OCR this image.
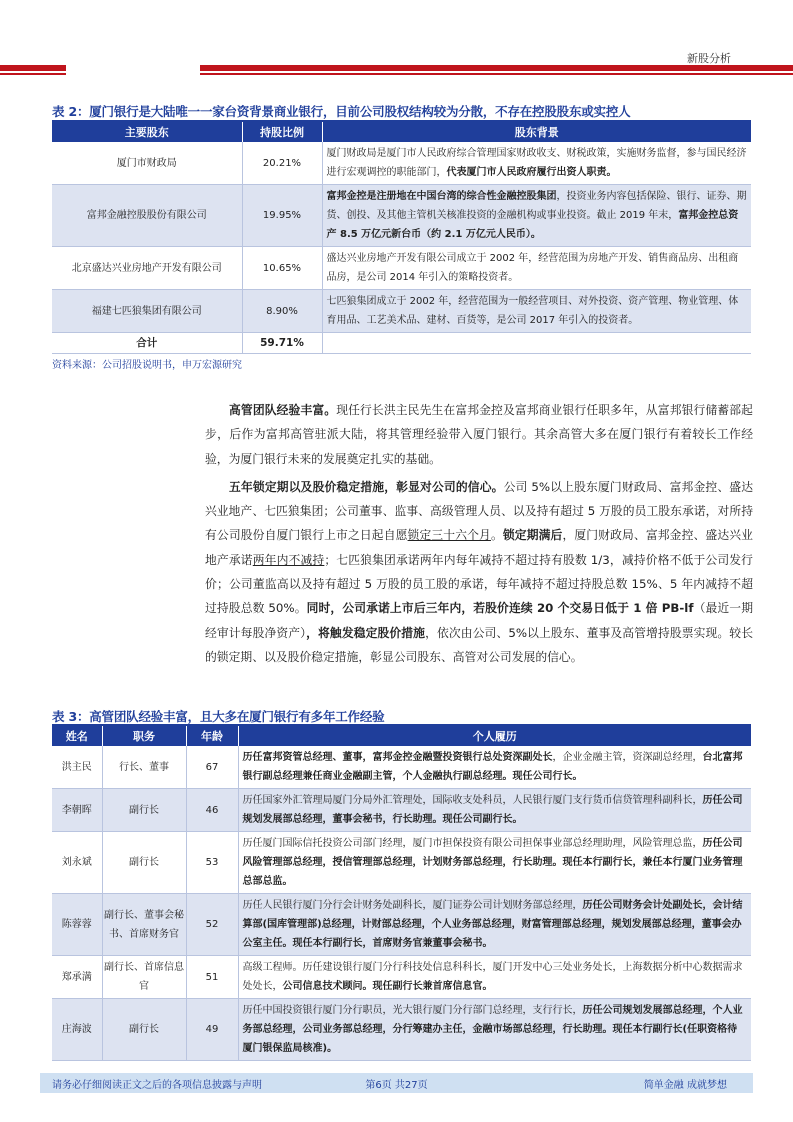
新股分析
表 2：厦门银行是大陆唯一一家台资背景商业银行，目前公司股权结构较为分散，不存在控股股东或实控人
主要股东	持股比例	股东背景
厦门市财政局	20.21%	厦门财政局是厦门市人民政府综合管理国家财政收支、财税政策，实施财务监督，参与国民经济进行宏观调控的职能部门，代表厦门市人民政府履行出资人职责。
富邦金融控股股份有限公司	19.95%	富邦金控是注册地在中国台湾的综合性金融控股集团，投资业务内容包括保险、银行、证券、期货、创投、及其他主管机关核准投资的金融机构或事业投资。截止 2019 年末，富邦金控总资产 8.5 万亿元新台币（约 2.1 万亿元人民币）。
北京盛达兴业房地产开发有限公司	10.65%	盛达兴业房地产开发有限公司成立于 2002 年，经营范围为房地产开发、销售商品房、出租商品房，是公司 2014 年引入的策略投资者。
福建七匹狼集团有限公司	8.90%	七匹狼集团成立于 2002 年，经营范围为一般经营项目、对外投资、资产管理、物业管理、体育用品、工艺美术品、建材、百货等，是公司 2017 年引入的投资者。
合计	59.71%	
资料来源：公司招股说明书，申万宏源研究

高管团队经验丰富。现任行长洪主民先生在富邦金控及富邦商业银行任职多年，从富邦银行储蓄部起步，后作为富邦高管驻派大陆，将其管理经验带入厦门银行。其余高管大多在厦门银行有着较长工作经验，为厦门银行未来的发展奠定扎实的基础。

五年锁定期以及股价稳定措施，彰显对公司的信心。公司 5%以上股东厦门财政局、富邦金控、盛达兴业地产、七匹狼集团；公司董事、监事、高级管理人员、以及持有超过 5 万股的员工股东承诺，对所持有公司股份自厦门银行上市之日起自愿锁定三十六个月。锁定期满后，厦门财政局、富邦金控、盛达兴业地产承诺两年内不减持；七匹狼集团承诺两年内每年减持不超过持有股数 1/3，减持价格不低于公司发行价；公司董监高以及持有超过 5 万股的员工股的承诺，每年减持不超过持股总数 15%、5 年内减持不超过持股总数 50%。同时，公司承诺上市后三年内，若股价连续 20 个交易日低于 1 倍 PB-lf（最近一期经审计每股净资产），将触发稳定股价措施，依次由公司、5%以上股东、董事及高管增持股票实现。较长的锁定期、以及股价稳定措施，彰显公司股东、高管对公司发展的信心。

表 3：高管团队经验丰富，且大多在厦门银行有多年工作经验
姓名	职务	年龄	个人履历
洪主民	行长、董事	67	历任富邦资管总经理、董事，富邦金控金融暨投资银行总处资深副处长，企业金融主管，资深副总经理，台北富邦银行副总经理兼任商业金融副主管，个人金融执行副总经理。现任公司行长。
李朝晖	副行长	46	历任国家外汇管理局厦门分局外汇管理处，国际收支处科员，人民银行厦门支行货币信贷管理科副科长，历任公司规划发展部总经理，董事会秘书，行长助理。现任公司副行长。
刘永斌	副行长	53	历任厦门国际信托投资公司部门经理，厦门市担保投资有限公司担保事业部总经理助理，风险管理总监，历任公司风险管理部总经理，授信管理部总经理，计划财务部总经理，行长助理。现任本行副行长，兼任本行厦门业务管理总部总监。
陈蓉蓉	副行长、董事会秘书、首席财务官	52	历任人民银行厦门分行会计财务处副科长，厦门证券公司计划财务部总经理，历任公司财务会计处副处长，会计结算部(国库管理部)总经理，计财部总经理，个人业务部总经理，财富管理部总经理，规划发展部总经理，董事会办公室主任。现任本行副行长，首席财务官兼董事会秘书。
郑承满	副行长、首席信息官	51	高级工程师。历任建设银行厦门分行科技处信息科科长，厦门开发中心三处业务处长，上海数据分析中心数据需求处处长，公司信息技术顾问。现任副行长兼首席信息官。
庄海波	副行长	49	历任中国投资银行厦门分行职员，光大银行厦门分行部门总经理，支行行长，历任公司规划发展部总经理，个人业务部总经理，公司业务部总经理，分行筹建办主任，金融市场部总经理，行长助理。现任本行副行长(任职资格待厦门银保监局核准)。
第6页 共27页
请务必仔细阅读正文之后的各项信息披露与声明	简单金融 成就梦想
